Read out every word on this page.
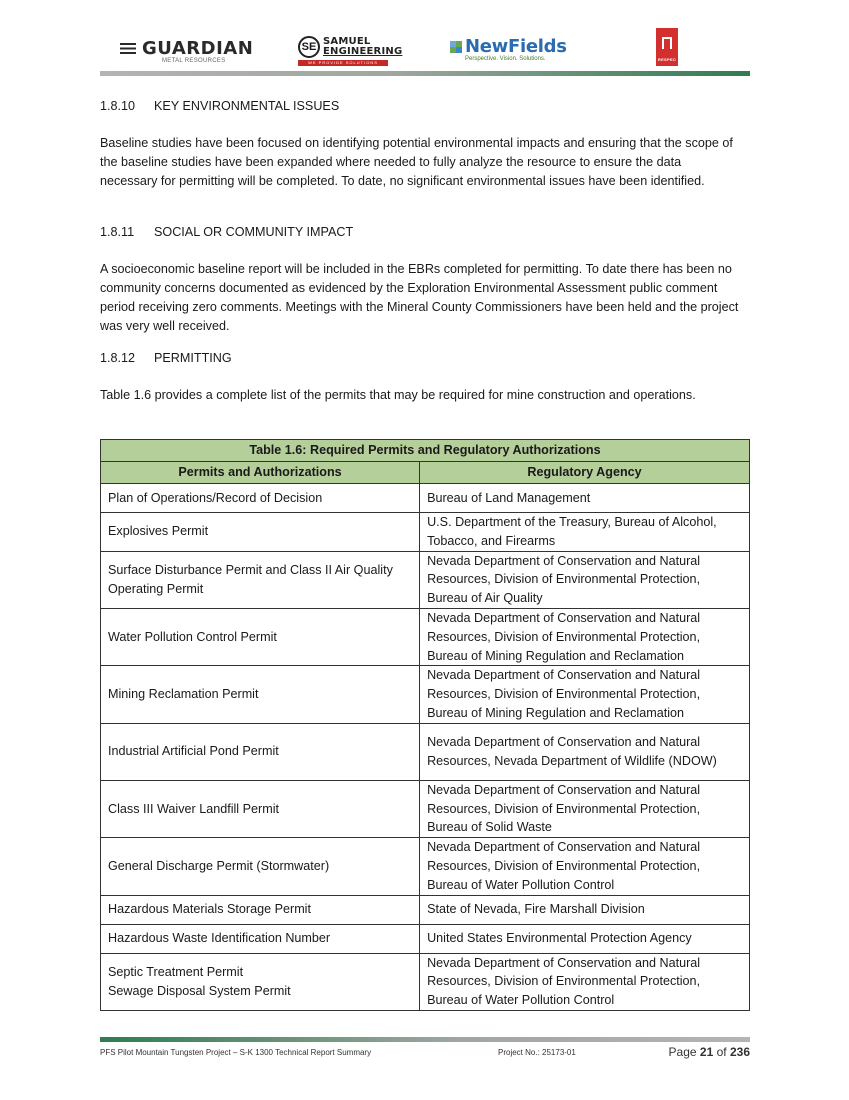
GUARDIAN
METAL RESOURCES
SE SAMUEL
ENGINEERING
WE PROVIDE SOLUTIONS
NewFields
Perspective. Vision. Solutions.	RESPEC
1.8.10 KEY ENVIRONMENTAL ISSUES

Baseline studies have been focused on identifying potential environmental impacts and ensuring that the scope of the baseline studies have been expanded where needed to fully analyze the resource to ensure the data necessary for permitting will be completed. To date, no significant environmental issues have been identified.

1.8.11 SOCIAL OR COMMUNITY IMPACT

A socioeconomic baseline report will be included in the EBRs completed for permitting. To date there has been no community concerns documented as evidenced by the Exploration Environmental Assessment public comment period receiving zero comments. Meetings with the Mineral County Commissioners have been held and the project was very well received.

1.8.12 PERMITTING

Table 1.6 provides a complete list of the permits that may be required for mine construction and operations.

Table 1.6: Required Permits and Regulatory Authorizations	
Permits and Authorizations	Regulatory Agency

Plan of Operations/Record of Decision	Bureau of Land Management

Explosives Permit	U.S. Department of the Treasury, Bureau of Alcohol, Tobacco, and Firearms

Surface Disturbance Permit and Class II Air Quality Operating Permit	Nevada Department of Conservation and Natural Resources, Division of Environmental Protection, Bureau of Air Quality

Water Pollution Control Permit	Nevada Department of Conservation and Natural Resources, Division of Environmental Protection, Bureau of Mining Regulation and Reclamation

Mining Reclamation Permit	Nevada Department of Conservation and Natural Resources, Division of Environmental Protection, Bureau of Mining Regulation and Reclamation

Industrial Artificial Pond Permit	Nevada Department of Conservation and Natural Resources, Nevada Department of Wildlife (NDOW)

Class III Waiver Landfill Permit	Nevada Department of Conservation and Natural Resources, Division of Environmental Protection, Bureau of Solid Waste

General Discharge Permit (Stormwater)	Nevada Department of Conservation and Natural Resources, Division of Environmental Protection, Bureau of Water Pollution Control

Hazardous Materials Storage Permit	State of Nevada, Fire Marshall Division

Hazardous Waste Identification Number	United States Environmental Protection Agency

Septic Treatment Permit
Sewage Disposal System Permit	Nevada Department of Conservation and Natural Resources, Division of Environmental Protection, Bureau of Water Pollution Control
PFS Pilot Mountain Tungsten Project – S-K 1300 Technical Report Summary	Project No.: 25173-01	Page 21 of 236
